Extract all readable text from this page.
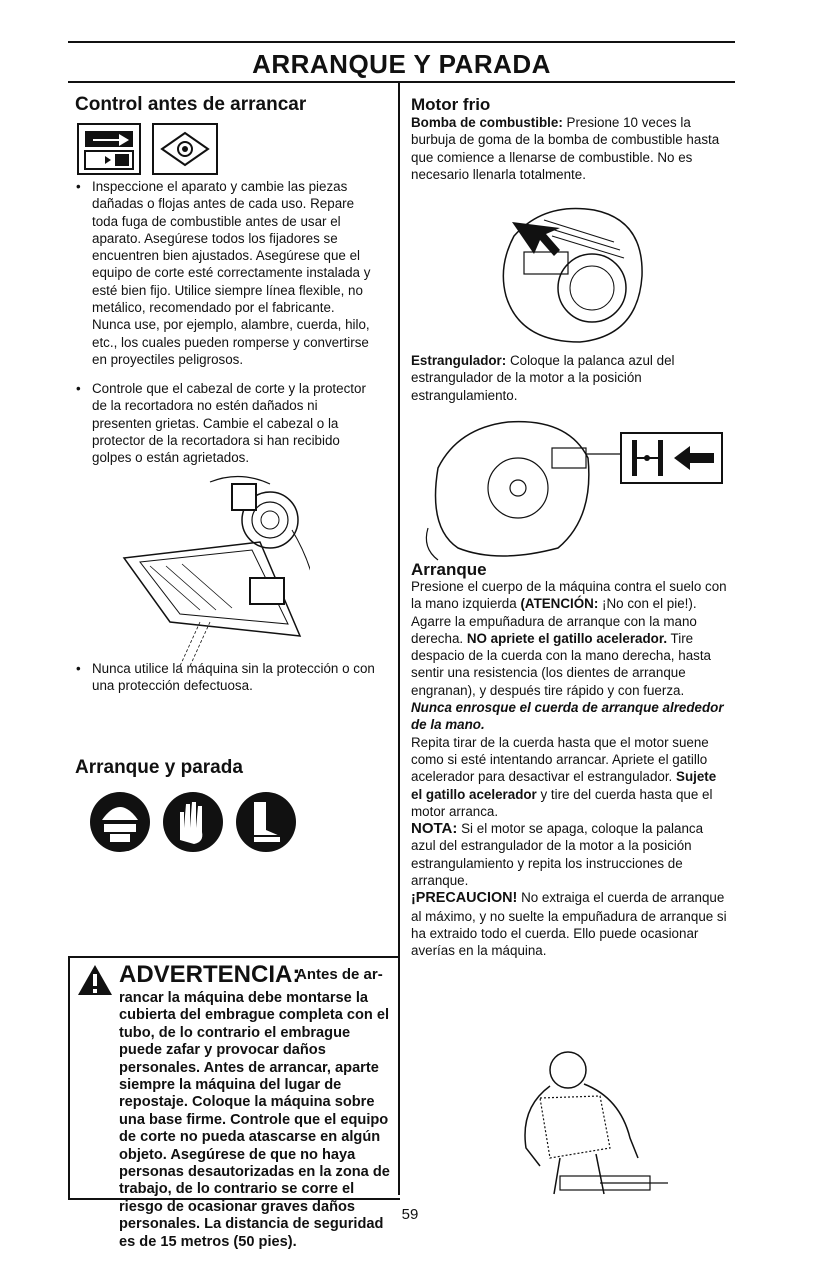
ARRANQUE Y PARADA
Control antes de arrancar
• Inspeccione el aparato y cambie las piezas dañadas o flojas antes de cada uso. Repare toda fuga de combustible antes de usar el aparato. Asegúrese todos los fijadores se encuentren bien ajustados. Asegúrese que el equipo de corte esté correctamente instalada y esté bien fijo. Utilice siempre línea flexible, no metálico, recomendado por el fabricante. Nunca use, por ejemplo, alambre, cuerda, hilo, etc., los cuales pueden romperse y convertirse en proyectiles peligrosos.
• Controle que el cabezal de corte y la protector de la recortadora no estén dañados ni presenten grietas. Cambie el cabezal o la protector de la recortadora si han recibido golpes o están agrietados.
• Nunca utilice la máquina sin la protección o con una protección defectuosa.
Arranque y parada
ADVERTENCIA:
Antes de ar-
rancar la máquina debe montarse la cubierta del embrague completa con el tubo, de lo contrario el embrague puede zafar y provocar daños personales. Antes de arrancar, aparte siempre la máquina del lugar de repostaje. Coloque la máquina sobre una base firme. Controle que el equipo de corte no pueda atascarse en algún objeto. Asegúrese de que no haya personas desautorizadas en la zona de trabajo, de lo contrario se corre el riesgo de ocasionar graves daños personales. La distancia de seguridad es de 15 metros (50 pies).
Motor frio
Bomba de combustible: Presione 10 veces la burbuja de goma de la bomba de combustible hasta que comience a llenarse de combustible. No es necesario llenarla totalmente.
Estrangulador: Coloque la palanca azul del estrangulador de la motor a la posición estrangulamiento.
Arranque
Presione el cuerpo de la máquina contra el suelo con la mano izquierda (ATENCIÓN: ¡No con el pie!). Agarre la empuñadura de arranque con la mano derecha. NO apriete el gatillo acelerador. Tire despacio de la cuerda con la mano derecha, hasta sentir una resistencia (los dientes de arranque engranan), y después tire rápido y con fuerza.
Nunca enrosque el cuerda de arranque alrededor de la mano.
Repita tirar de la cuerda hasta que el motor suene como si esté intentando arrancar. Apriete el gatillo acelerador para desactivar el estrangulador. Sujete el gatillo acelerador y tire del cuerda hasta que el motor arranca.
NOTA: Si el motor se apaga, coloque la palanca azul del estrangulador de la motor a la posición estrangulamiento y repita los instrucciones de arranque.
¡PRECAUCION! No extraiga el cuerda de arranque al máximo, y no suelte la empuñadura de arranque si ha extraido todo el cuerda. Ello puede ocasionar averías en la máquina.
59
